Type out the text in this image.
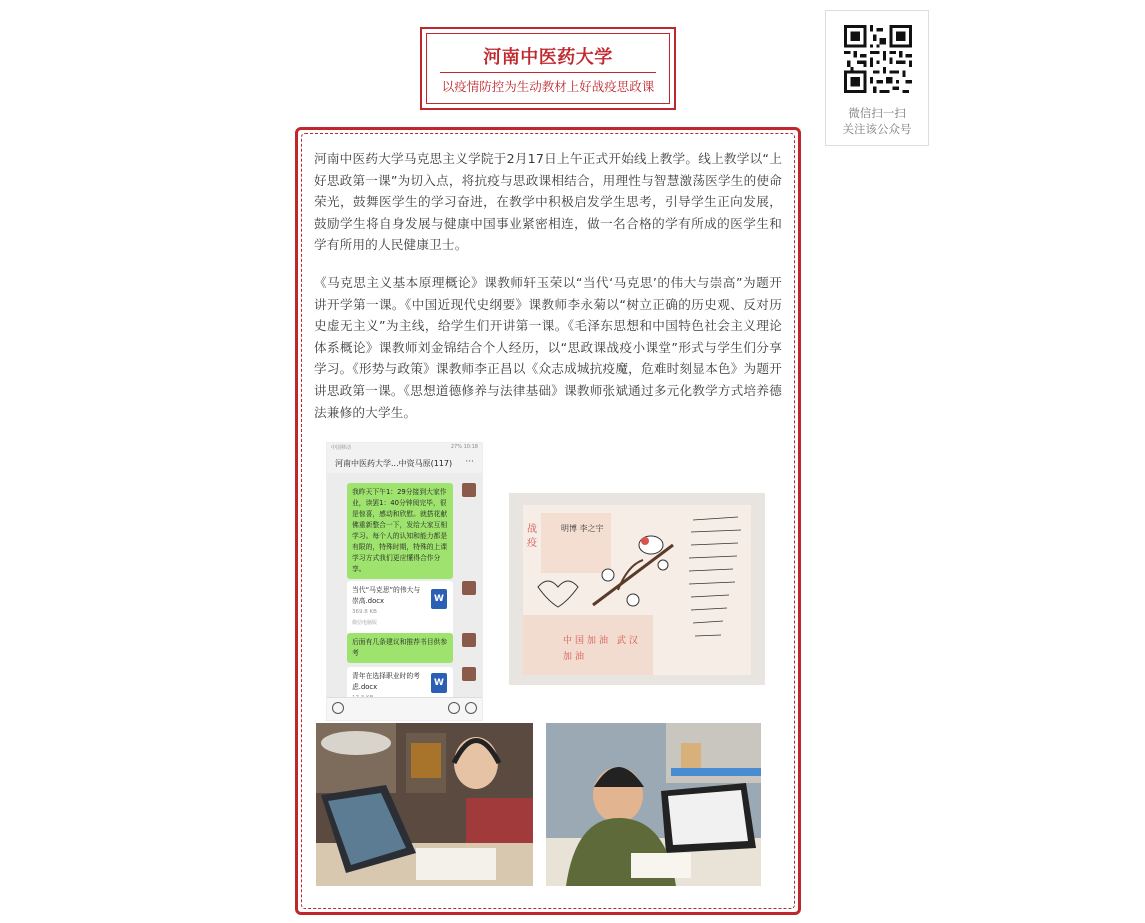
河南中医药大学
以疫情防控为生动教材上好战疫思政课
微信扫一扫
关注该公众号
河南中医药大学马克思主义学院于2月17日上午正式开始线上教学。线上教学以“上好思政第一课”为切入点，将抗疫与思政课相结合，用理性与智慧激荡医学生的使命荣光，鼓舞医学生的学习奋进，在教学中积极启发学生思考，引导学生正向发展，鼓励学生将自身发展与健康中国事业紧密相连，做一名合格的学有所成的医学生和学有所用的人民健康卫士。
《马克思主义基本原理概论》课教师轩玉荣以“当代‘马克思’的伟大与崇高”为题开讲开学第一课。《中国近现代史纲要》课教师李永菊以“树立正确的历史观、反对历史虚无主义”为主线，给学生们开讲第一课。《毛泽东思想和中国特色社会主义理论体系概论》课教师刘金锦结合个人经历，以“思政课战疫小课堂”形式与学生们分享学习。《形势与政策》课教师李正昌以《众志成城抗疫魔，危难时刻显本色》为题开讲思政第一课。《思想道德修养与法律基础》课教师张斌通过多元化教学方式培养德法兼修的大学生。
中国移动	27% 10:18
河南中医药大学...中资马原(117) ···
我昨天下午1：29分接到大家作业，读罢1：40分钟阅完毕，很是惊喜，感动和欣慰。就搭花献佛重新整合一下，发给大家互相学习。每个人的认知和能力都是有限的，特殊时期，特殊的上课学习方式我们更应懂得合作分享。
当代“马克思”的伟大与崇高.docx
369.8 KB
微信电脑版
W
后面有几条建议和推荐书目供参考
青年在选择职业时的考虑.docx	W
战疫
明博 李之宇
中国加油 武汉加油
